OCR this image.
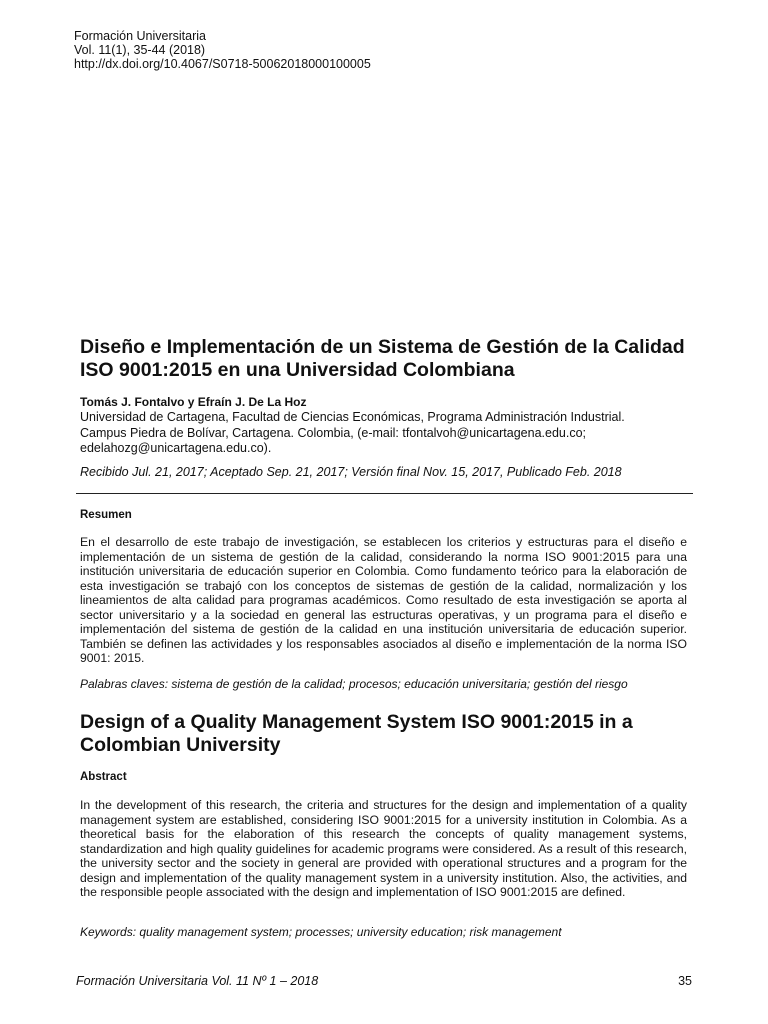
Formación Universitaria
Vol. 11(1), 35-44 (2018)
http://dx.doi.org/10.4067/S0718-50062018000100005
Diseño e Implementación de un Sistema de Gestión de la Calidad ISO 9001:2015 en una Universidad Colombiana
Tomás J. Fontalvo y Efraín J. De La Hoz
Universidad de Cartagena, Facultad de Ciencias Económicas, Programa Administración Industrial.
Campus Piedra de Bolívar, Cartagena. Colombia, (e-mail: tfontalvoh@unicartagena.edu.co;
edelahozg@unicartagena.edu.co).
Recibido Jul. 21, 2017; Aceptado Sep. 21, 2017; Versión final Nov. 15, 2017, Publicado Feb. 2018
Resumen
En el desarrollo de este trabajo de investigación, se establecen los criterios y estructuras para el diseño e implementación de un sistema de gestión de la calidad, considerando la norma ISO 9001:2015 para una institución universitaria de educación superior en Colombia. Como fundamento teórico para la elaboración de esta investigación se trabajó con los conceptos de sistemas de gestión de la calidad, normalización y los lineamientos de alta calidad para programas académicos. Como resultado de esta investigación se aporta al sector universitario y a la sociedad en general las estructuras operativas, y un programa para el diseño e implementación del sistema de gestión de la calidad en una institución universitaria de educación superior. También se definen las actividades y los responsables asociados al diseño e implementación de la norma ISO 9001: 2015.
Palabras claves: sistema de gestión de la calidad; procesos; educación universitaria; gestión del riesgo
Design of a Quality Management System ISO 9001:2015 in a Colombian University
Abstract
In the development of this research, the criteria and structures for the design and implementation of a quality management system are established, considering ISO 9001:2015 for a university institution in Colombia. As a theoretical basis for the elaboration of this research the concepts of quality management systems, standardization and high quality guidelines for academic programs were considered. As a result of this research, the university sector and the society in general are provided with operational structures and a program for the design and implementation of the quality management system in a university institution. Also, the activities, and the responsible people associated with the design and implementation of ISO 9001:2015 are defined.
Keywords: quality management system; processes; university education; risk management
Formación Universitaria Vol. 11 Nº 1 – 2018	35
